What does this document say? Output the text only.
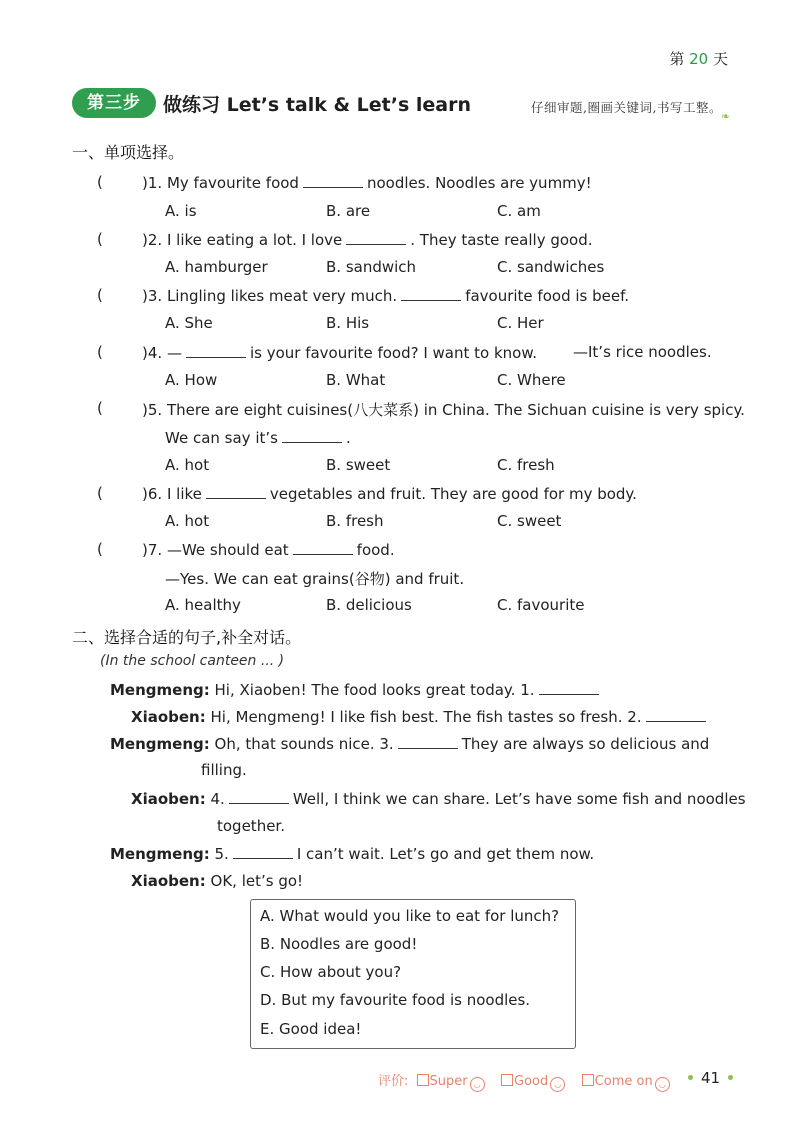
第 20 天
第三步	做练习 Let’s talk & Let’s learn	仔细审题,圈画关键词,书写工整。
❧
一、单项选择。
(	)1. My favourite food	noodles. Noodles are yummy!
A. is	B. are	C. am
(	)2. I like eating a lot. I love	. They taste really good.
A. hamburger	B. sandwich	C. sandwiches
(	)3. Lingling likes meat very much.	favourite food is beef.
A. She	B. His	C. Her
(	)4. —	is your favourite food? I want to know. —It’s rice noodles.
A. How	B. What	C. Where
(	)5. There are eight cuisines(八大菜系) in China. The Sichuan cuisine is very spicy.
We can say it’s	.
A. hot	B. sweet	C. fresh
(	)6. I like	vegetables and fruit. They are good for my body.
A. hot	B. fresh	C. sweet
(	)7. —We should eat	food.
—Yes. We can eat grains(谷物) and fruit.
A. healthy	B. delicious	C. favourite
二、选择合适的句子,补全对话。
(In the school canteen ... )
Mengmeng: Hi, Xiaoben! The food looks great today. 1.
Xiaoben: Hi, Mengmeng! I like fish best. The fish tastes so fresh. 2.
Mengmeng: Oh, that sounds nice. 3.	They are always so delicious and
filling.
Xiaoben: 4.	Well, I think we can share. Let’s have some fish and noodles
together.
Mengmeng: 5.	I can’t wait. Let’s go and get them now.
Xiaoben: OK, let’s go!
A. What would you like to eat for lunch?
B. Noodles are good!
C. How about you?
D. But my favourite food is noodles.
E. Good idea!
评价: Super ◡	Good ◡	Come on ◡	41
